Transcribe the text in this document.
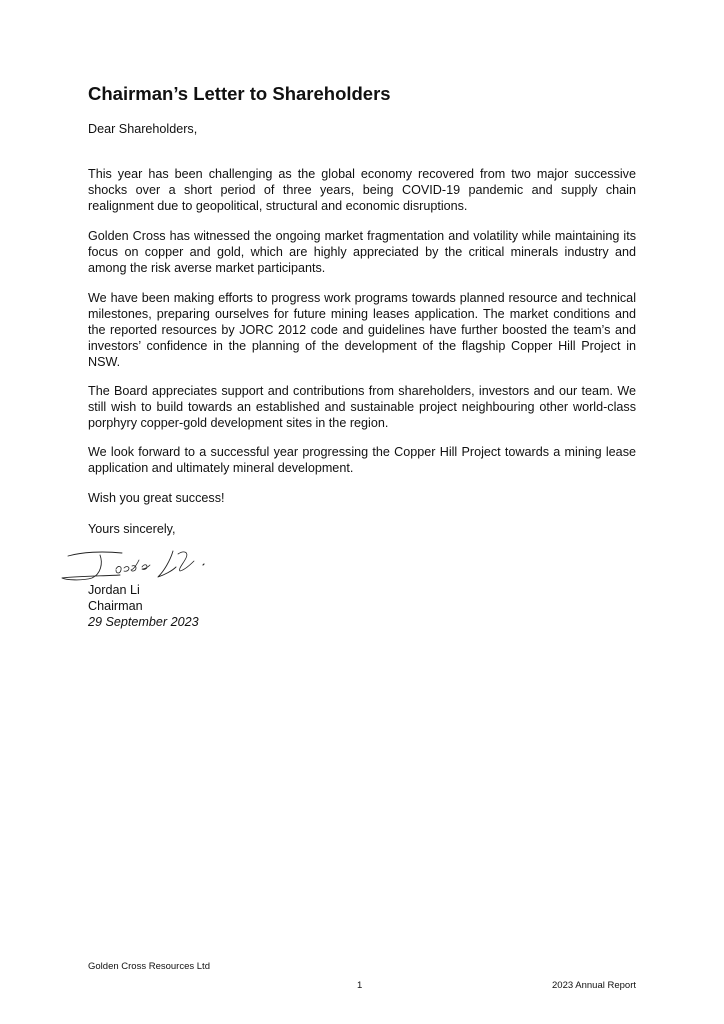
Chairman’s Letter to Shareholders

Dear Shareholders,

This year has been challenging as the global economy recovered from two major successive shocks over a short period of three years, being COVID-19 pandemic and supply chain realignment due to geopolitical, structural and economic disruptions.

Golden Cross has witnessed the ongoing market fragmentation and volatility while maintaining its focus on copper and gold, which are highly appreciated by the critical minerals industry and among the risk averse market participants.

We have been making efforts to progress work programs towards planned resource and technical milestones, preparing ourselves for future mining leases application. The market conditions and the reported resources by JORC 2012 code and guidelines have further boosted the team’s and investors’ confidence in the planning of the development of the flagship Copper Hill Project in NSW.

The Board appreciates support and contributions from shareholders, investors and our team. We still wish to build towards an established and sustainable project neighbouring other world-class porphyry copper-gold development sites in the region.

We look forward to a successful year progressing the Copper Hill Project towards a mining lease application and ultimately mineral development.

Wish you great success!

Yours sincerely,

Jordan Li

Chairman

29 September 2023

Golden Cross Resources Ltd
1	2023 Annual Report
